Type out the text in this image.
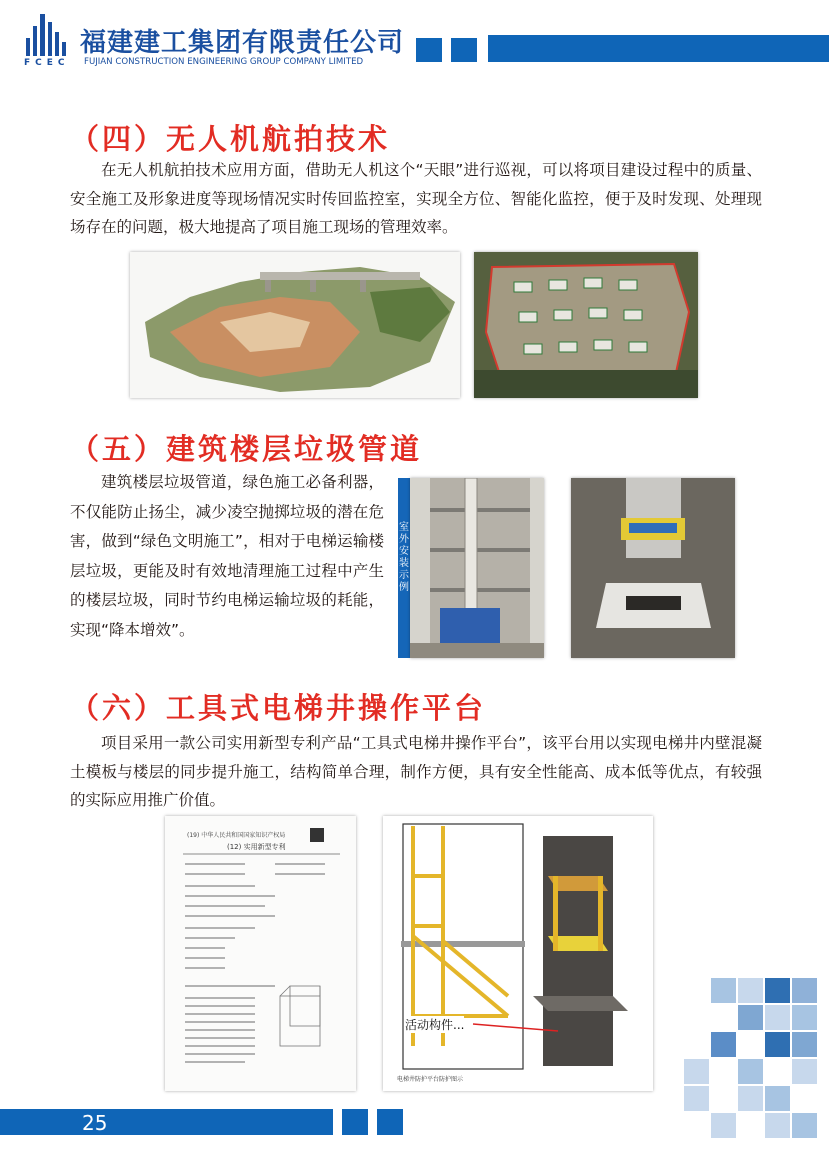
福建建工集团有限责任公司
FCEC FUJIAN CONSTRUCTION ENGINEERING GROUP COMPANY LIMITED
（四）无人机航拍技术

在无人机航拍技术应用方面，借助无人机这个“天眼”进行巡视，可以将项目建设过程中的质量、安全施工及形象进度等现场情况实时传回监控室，实现全方位、智能化监控，便于及时发现、处理现场存在的问题，极大地提高了项目施工现场的管理效率。

（五）建筑楼层垃圾管道

建筑楼层垃圾管道，绿色施工必备利器，不仅能防止扬尘，减少凌空抛掷垃圾的潜在危害，做到“绿色文明施工”，相对于电梯运输楼层垃圾，更能及时有效地清理施工过程中产生的楼层垃圾，同时节约电梯运输垃圾的耗能，实现“降本增效”。

室外安装示例
（六）工具式电梯井操作平台

项目采用一款公司实用新型专利产品“工具式电梯井操作平台”，该平台用以实现电梯井内壁混凝土模板与楼层的同步提升施工，结构简单合理，制作方便，具有安全性能高、成本低等优点，有较强的实际应用推广价值。

(19) 中华人民共和国国家知识产权局
(12) 实用新型专利
活动构件...
电梯井防护平台防护图示
25
